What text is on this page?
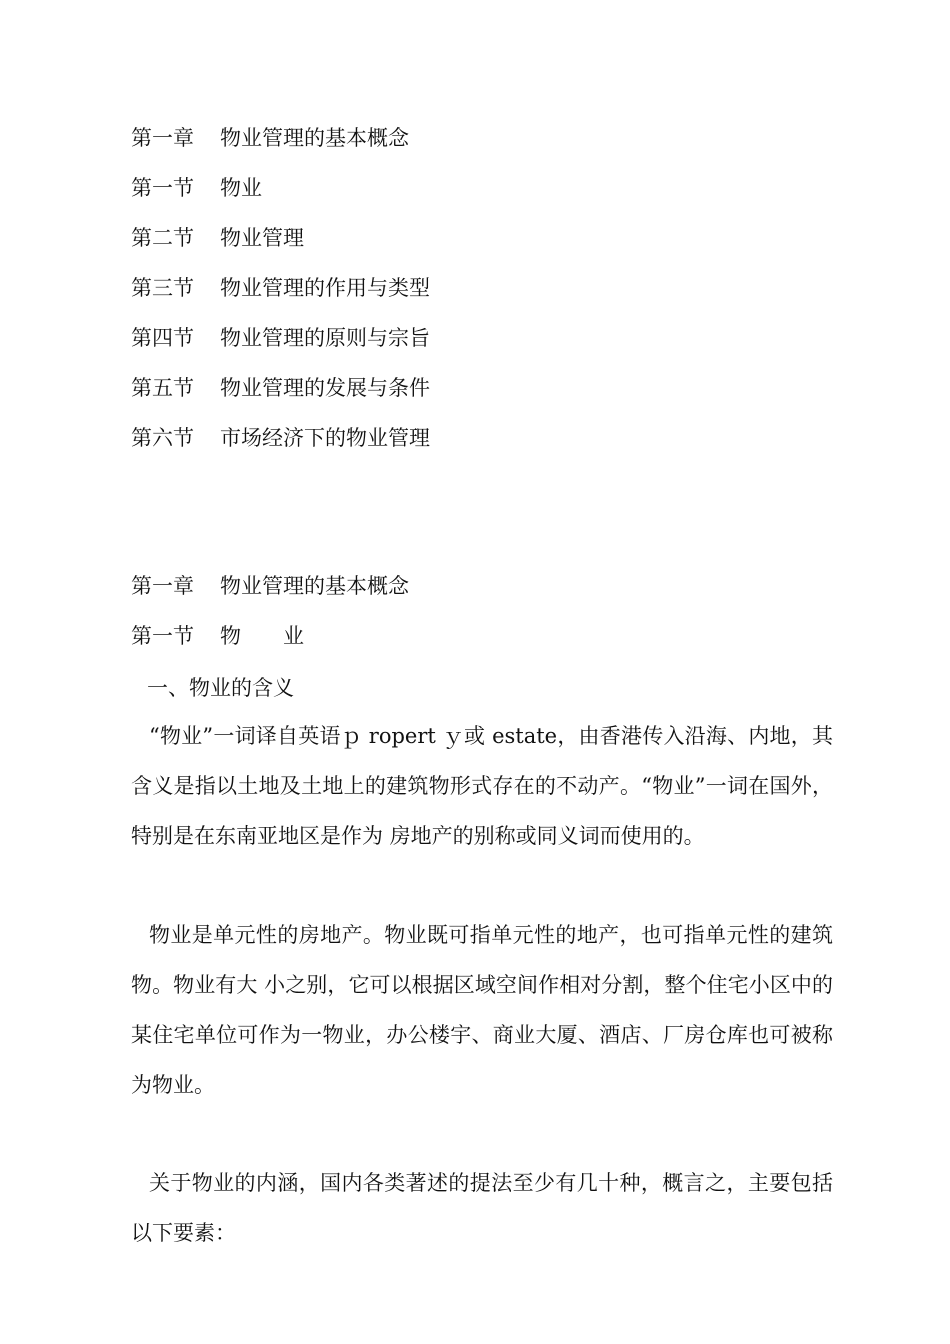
第一章 物业管理的基本概念
第一节 物业
第二节 物业管理
第三节 物业管理的作用与类型
第四节 物业管理的原则与宗旨
第五节 物业管理的发展与条件
第六节 市场经济下的物业管理
第一章 物业管理的基本概念
第一节 物　　业
一、物业的含义

“物业”一词译自英语ｐ ropert ｙ或 estate，由香港传入沿海、内地，其含义是指以土地及土地上的建筑物形式存在的不动产。“物业”一词在国外，特别是在东南亚地区是作为 房地产的别称或同义词而使用的。

物业是单元性的房地产。物业既可指单元性的地产，也可指单元性的建筑物。物业有大 小之别，它可以根据区域空间作相对分割，整个住宅小区中的某住宅单位可作为一物业，办公楼宇、商业大厦、酒店、厂房仓库也可被称为物业。

关于物业的内涵，国内各类著述的提法至少有几十种，概言之，主要包括以下要素：
